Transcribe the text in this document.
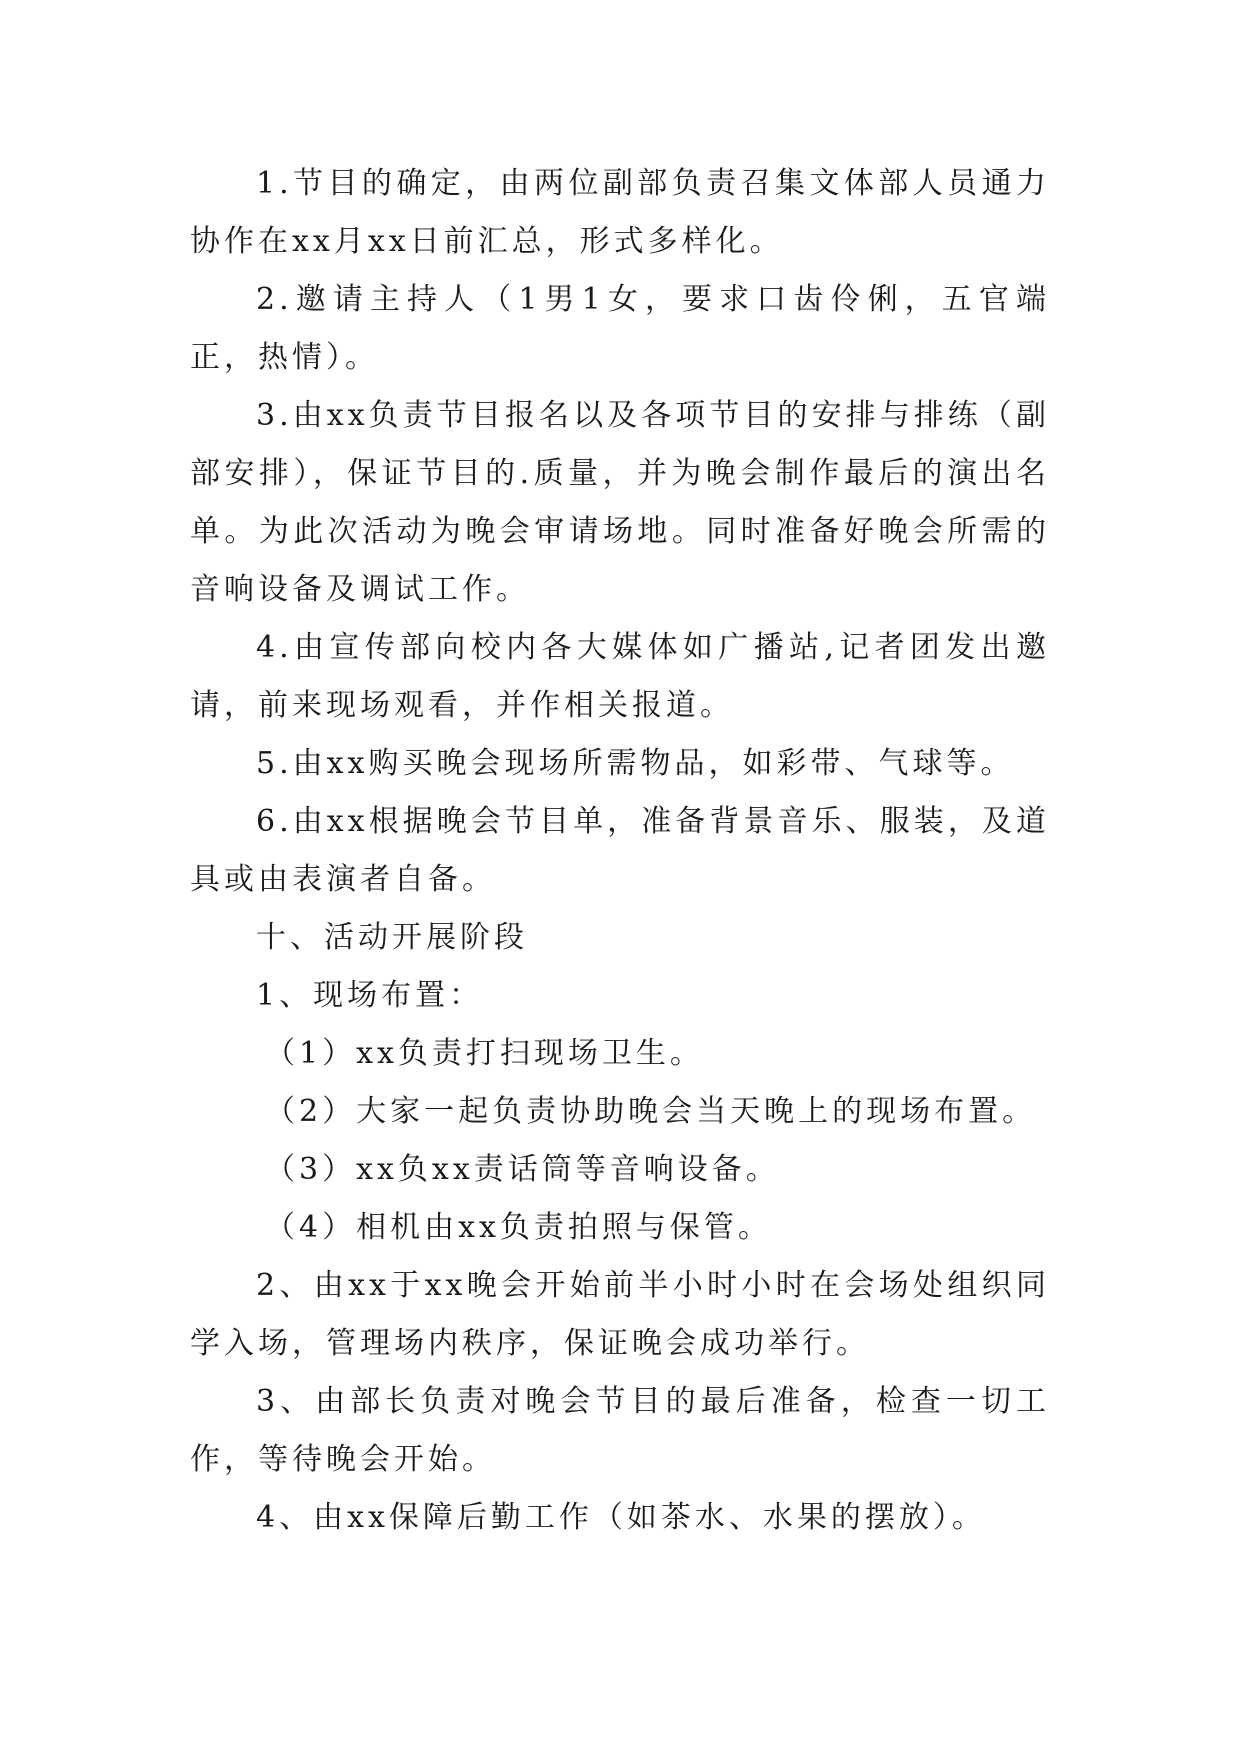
1.节目的确定，由两位副部负责召集文体部人员通力协作在xx月xx日前汇总，形式多样化。

2.邀请主持人（1男1女，要求口齿伶俐，五官端正，热情）。

3.由xx负责节目报名以及各项节目的安排与排练（副部安排），保证节目的.质量，并为晚会制作最后的演出名单。为此次活动为晚会审请场地。同时准备好晚会所需的音响设备及调试工作。

4.由宣传部向校内各大媒体如广播站,记者团发出邀请，前来现场观看，并作相关报道。

5.由xx购买晚会现场所需物品，如彩带、气球等。

6.由xx根据晚会节目单，准备背景音乐、服装，及道具或由表演者自备。

十、活动开展阶段

1、现场布置：

（1）xx负责打扫现场卫生。

（2）大家一起负责协助晚会当天晚上的现场布置。

（3）xx负xx责话筒等音响设备。

（4）相机由xx负责拍照与保管。

2、由xx于xx晚会开始前半小时小时在会场处组织同学入场，管理场内秩序，保证晚会成功举行。

3、由部长负责对晚会节目的最后准备，检查一切工作，等待晚会开始。

4、由xx保障后勤工作（如茶水、水果的摆放）。
